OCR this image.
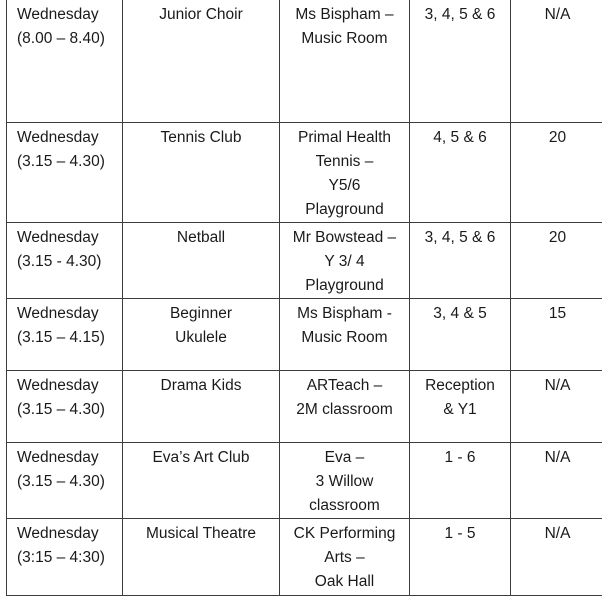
Wednesday
(8.00 – 8.40)	Junior Choir	Ms Bispham –
Music Room	3, 4, 5 & 6	N/A

Wednesday
(3.15 – 4.30)	Tennis Club	Primal Health
Tennis –
Y5/6
Playground	4, 5 & 6	20

Wednesday
(3.15 - 4.30)	Netball	Mr Bowstead –
Y 3/ 4
Playground	3, 4, 5 & 6	20

Wednesday
(3.15 – 4.15)	Beginner
Ukulele	Ms Bispham -
Music Room	3, 4 & 5	15

Wednesday
(3.15 – 4.30)	Drama Kids	ARTeach –
2M classroom	Reception
& Y1	N/A

Wednesday
(3.15 – 4.30)	Eva’s Art Club	Eva –
3 Willow
classroom	1 - 6	N/A

Wednesday
(3:15 – 4:30)	Musical Theatre	CK Performing
Arts –
Oak Hall	1 - 5	N/A
